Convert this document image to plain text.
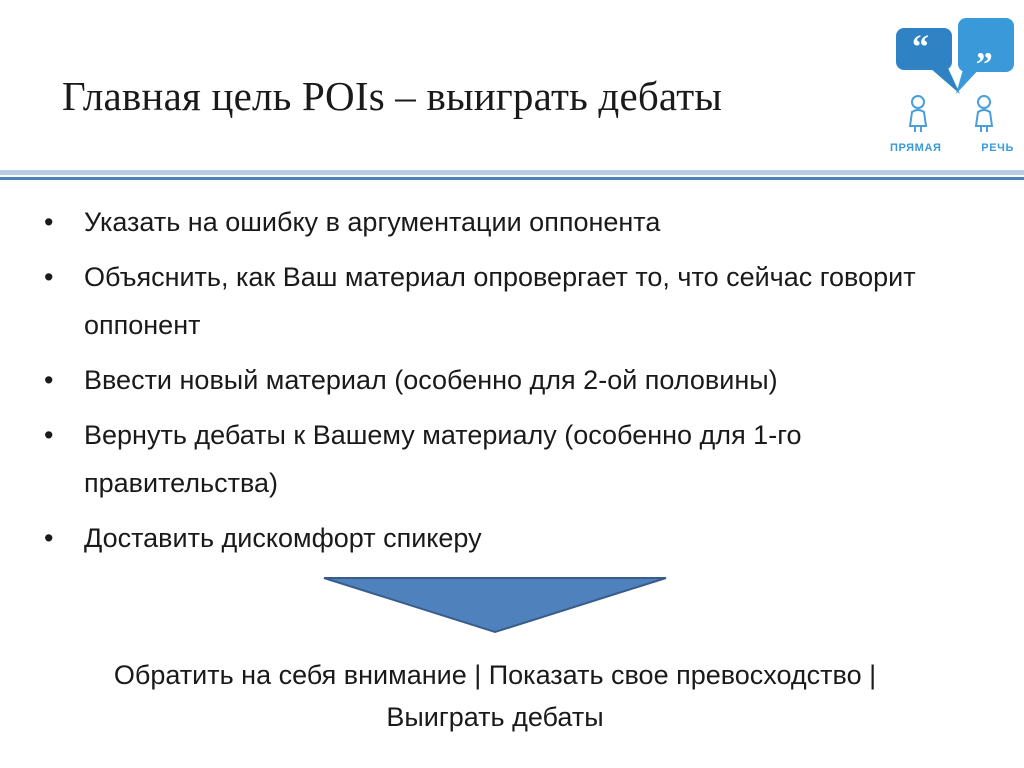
Главная цель POIs – выиграть дебаты
“ „
ПРЯМАЯ	РЕЧЬ
•	Указать на ошибку в аргументации оппонента
•	Объяснить, как Ваш материал опровергает то, что сейчас говорит оппонент
•	Ввести новый материал (особенно для 2-ой половины)
•	Вернуть дебаты к Вашему материалу (особенно для 1-го правительства)
•	Доставить дискомфорт спикеру
Обратить на себя внимание | Показать свое превосходство |
Выиграть дебаты
